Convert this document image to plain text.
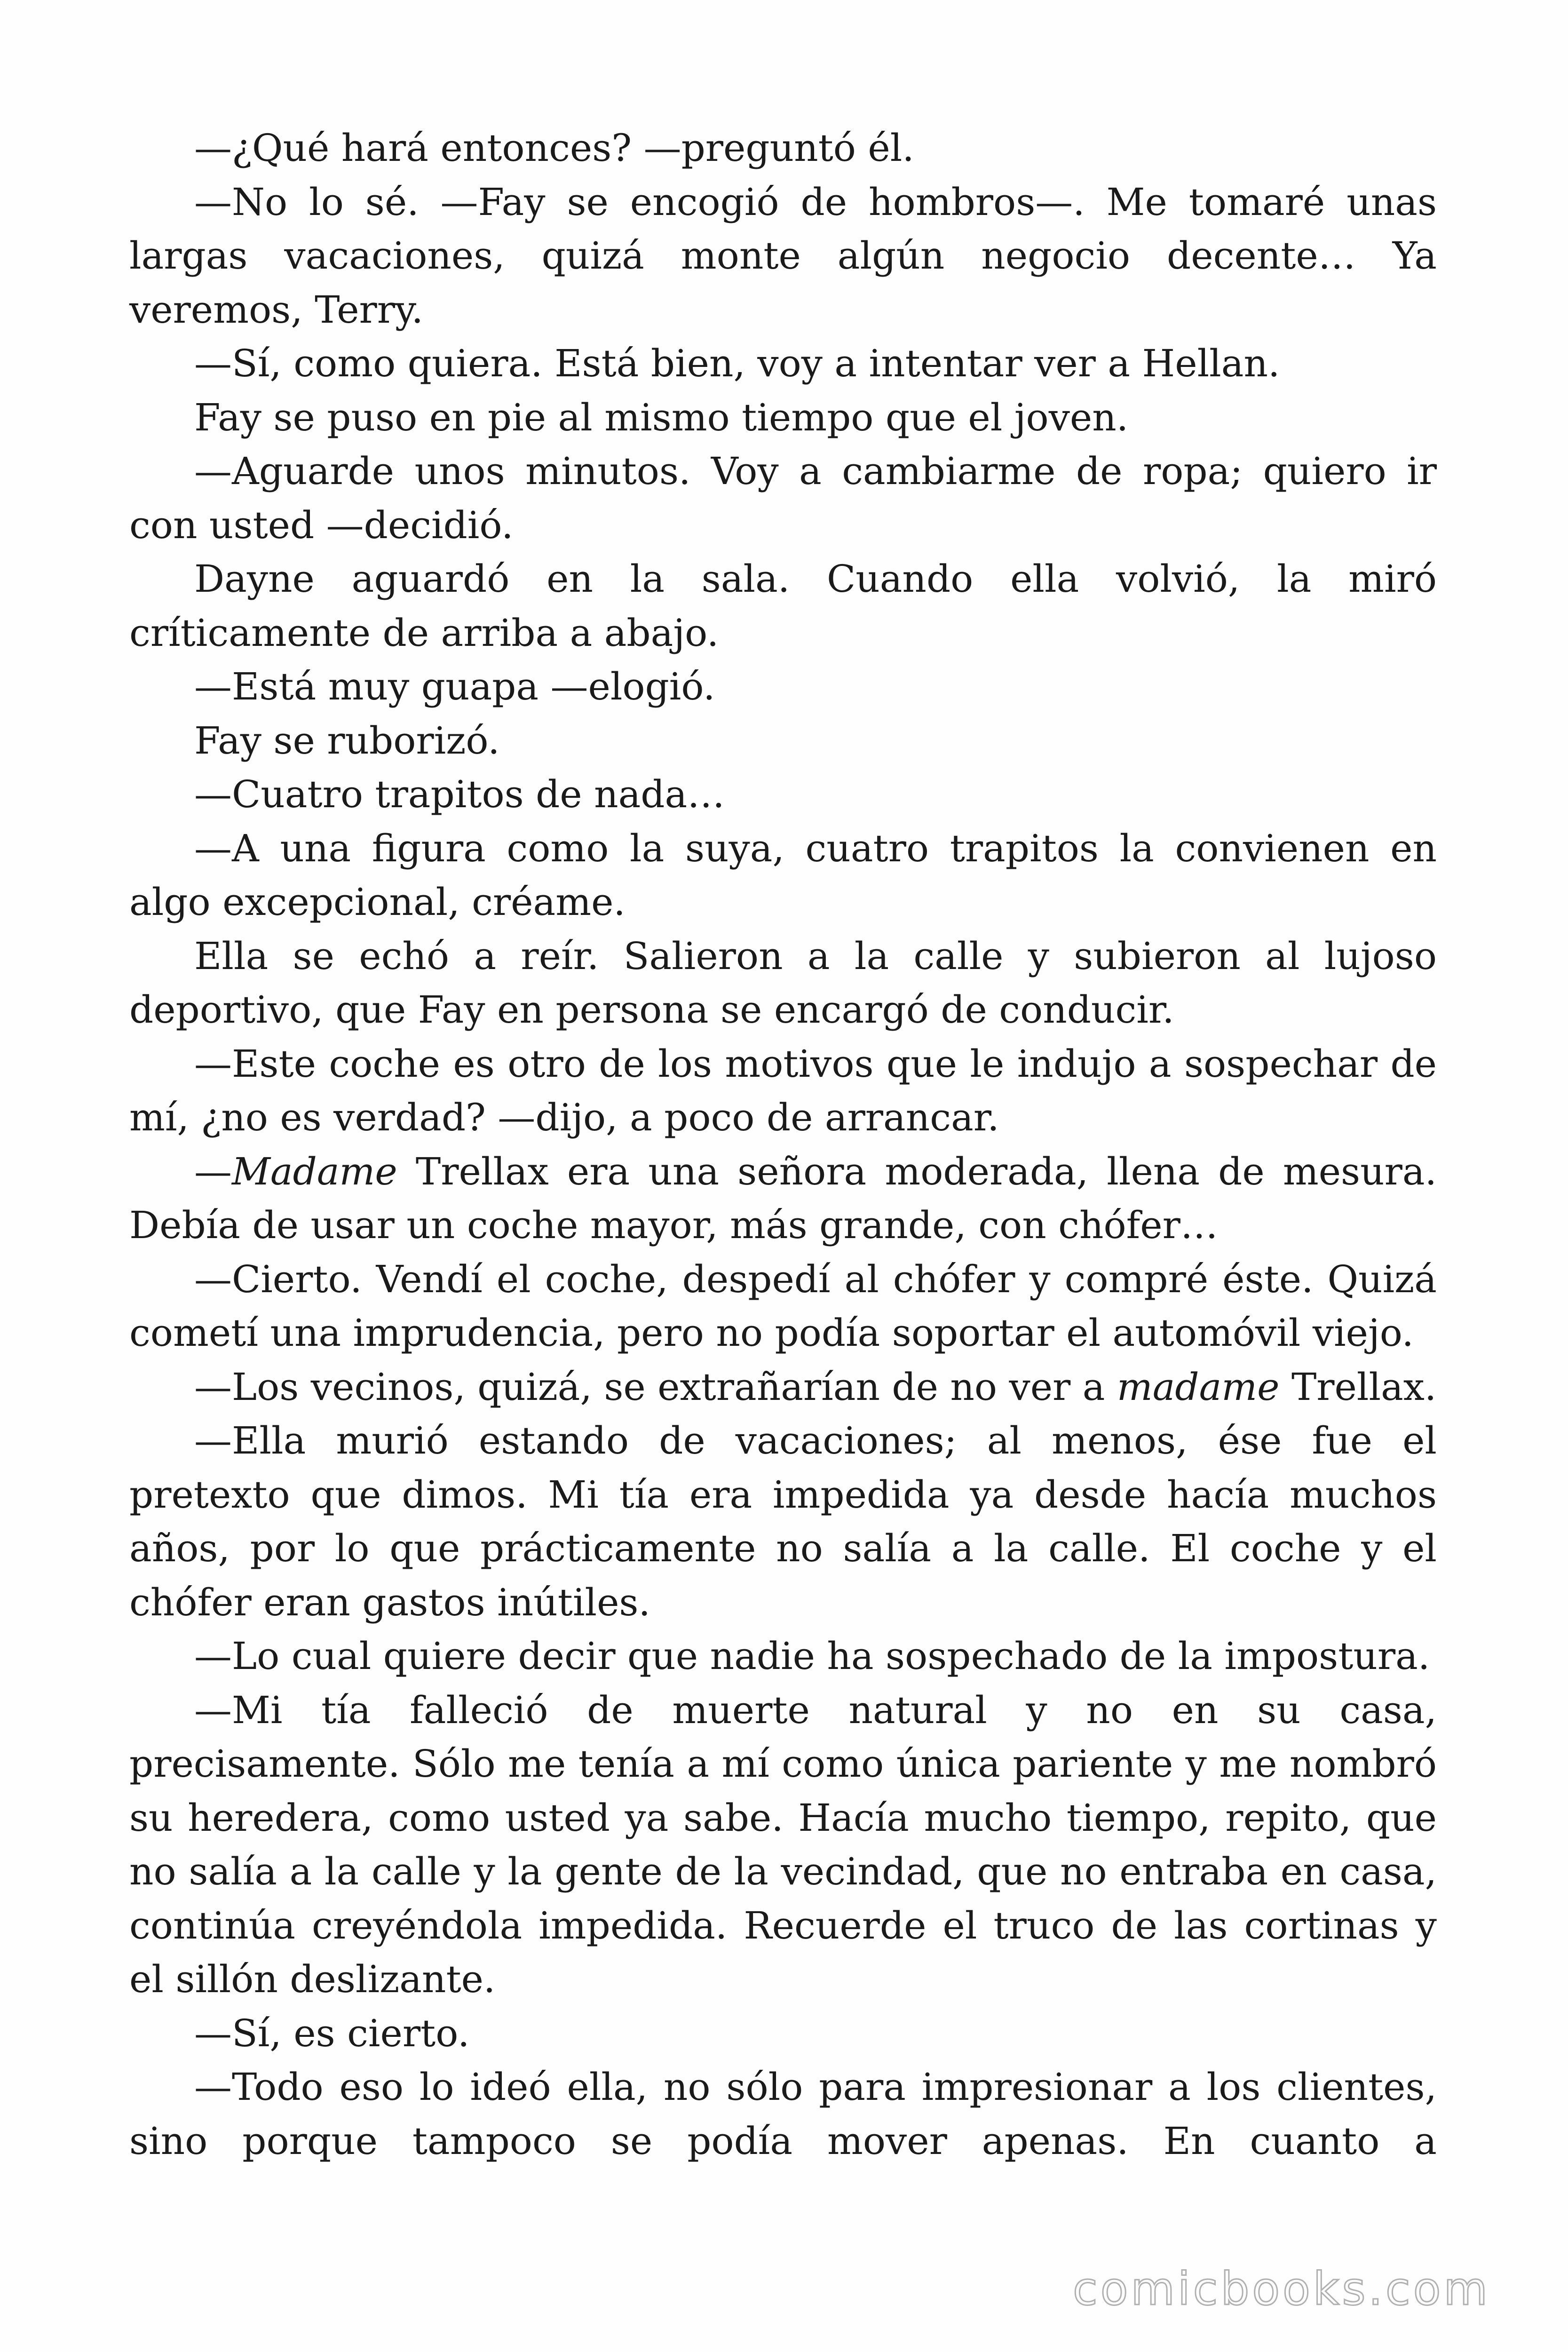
—¿Qué hará entonces? —preguntó él.

—No lo sé. —Fay se encogió de hombros—. Me tomaré unas largas vacaciones, quizá monte algún negocio decente… Ya veremos, Terry.

—Sí, como quiera. Está bien, voy a intentar ver a Hellan.

Fay se puso en pie al mismo tiempo que el joven.

—Aguarde unos minutos. Voy a cambiarme de ropa; quiero ir con usted —decidió.

Dayne aguardó en la sala. Cuando ella volvió, la miró críticamente de arriba a abajo.

—Está muy guapa —elogió.

Fay se ruborizó.

—Cuatro trapitos de nada…

—A una figura como la suya, cuatro trapitos la convienen en algo excepcional, créame.

Ella se echó a reír. Salieron a la calle y subieron al lujoso deportivo, que Fay en persona se encargó de conducir.

—Este coche es otro de los motivos que le indujo a sospechar de mí, ¿no es verdad? —dijo, a poco de arrancar.

—Madame Trellax era una señora moderada, llena de mesura. Debía de usar un coche mayor, más grande, con chófer…

—Cierto. Vendí el coche, despedí al chófer y compré éste. Quizá cometí una imprudencia, pero no podía soportar el automóvil viejo.

—Los vecinos, quizá, se extrañarían de no ver a madame Trellax.

—Ella murió estando de vacaciones; al menos, ése fue el pretexto que dimos. Mi tía era impedida ya desde hacía muchos años, por lo que prácticamente no salía a la calle. El coche y el chófer eran gastos inútiles.

—Lo cual quiere decir que nadie ha sospechado de la impostura.

—Mi tía falleció de muerte natural y no en su casa, precisamente. Sólo me tenía a mí como única pariente y me nombró su heredera, como usted ya sabe. Hacía mucho tiempo, repito, que no salía a la calle y la gente de la vecindad, que no entraba en casa, continúa creyéndola impedida. Recuerde el truco de las cortinas y el sillón deslizante.

—Sí, es cierto.

—Todo eso lo ideó ella, no sólo para impresionar a los clientes, sino porque tampoco se podía mover apenas. En cuanto a

comicbooks.com
